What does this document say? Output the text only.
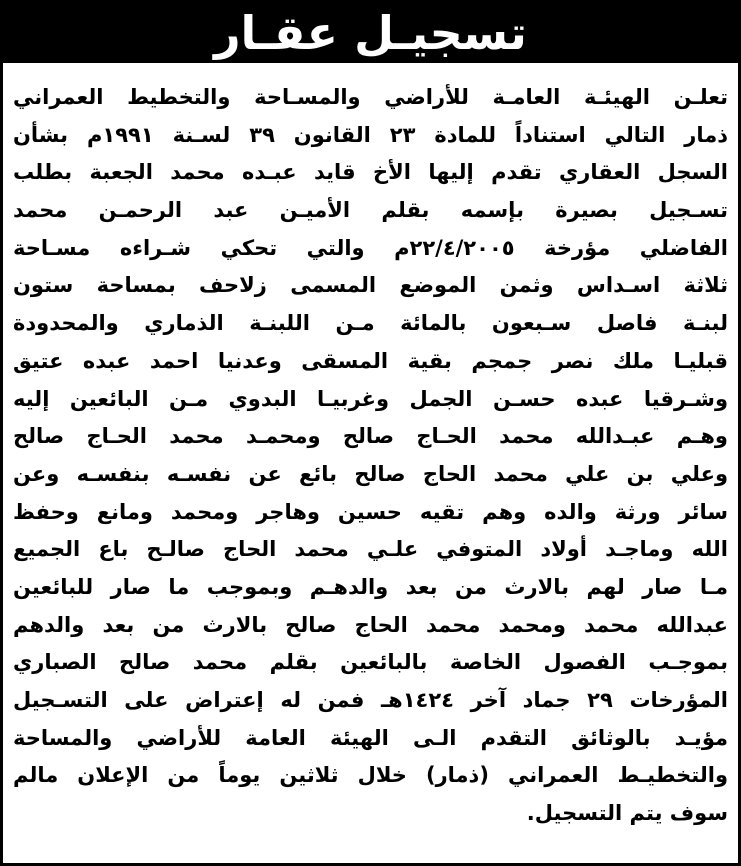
تسجيـل عقـار
تعلـن الهيئـة العامـة للأراضي والمسـاحة والتخطيط العمراني
ذمار التالي استناداً للمادة ٢٣ القانون ٣٩ لسـنة ١٩٩١م بشأن
السجل العقاري تقدم إليها الأخ قايد عبـده محمد الجعبة بطلب
تسـجيل بصيرة بإسمه بقلم الأميـن عبد الرحمـن محمد
الفاضلي مؤرخة ٢٢/٤/٢٠٠٥م والتي تحكي شـراءه مسـاحة
ثلاثة اسـداس وثمن الموضع المسمى زلاحف بمساحة ستون
لبنـة فاصل سـبعون بالمائة مـن اللبنـة الذماري والمحدودة
قبليـا ملك نصر جمجم بقية المسقى وعدنيا احمد عبده عتيق
وشـرقيا عبده حسـن الجمل وغربيـا البدوي مـن البائعين إليه
وهـم عبـدالله محمد الحـاج صالح ومحمـد محمد الحـاج صالح
وعلي بن علي محمد الحاج صالح بائع عن نفسـه بنفسـه وعن
سائر ورثة والده وهم تقيه حسين وهاجر ومحمد ومانع وحفظ
الله وماجـد أولاد المتوفي علـي محمد الحاج صالـح باع الجميع
مـا صار لهم بالارث من بعد والدهـم وبموجب ما صار للبائعين
عبدالله محمد ومحمد محمد الحاج صالح بالارث من بعد والدهم
بموجـب الفصول الخاصة بالبائعين بقلم محمد صالح الصباري
المؤرخات ٢٩ جماد آخر ١٤٢٤هـ فمن له إعتراض على التسـجيل
مؤيـد بالوثائق التقدم الـى الهيئة العامة للأراضي والمساحة
والتخطيـط العمراني (ذمار) خلال ثلاثين يوماً من الإعلان مالم
سوف يتم التسجيل.
